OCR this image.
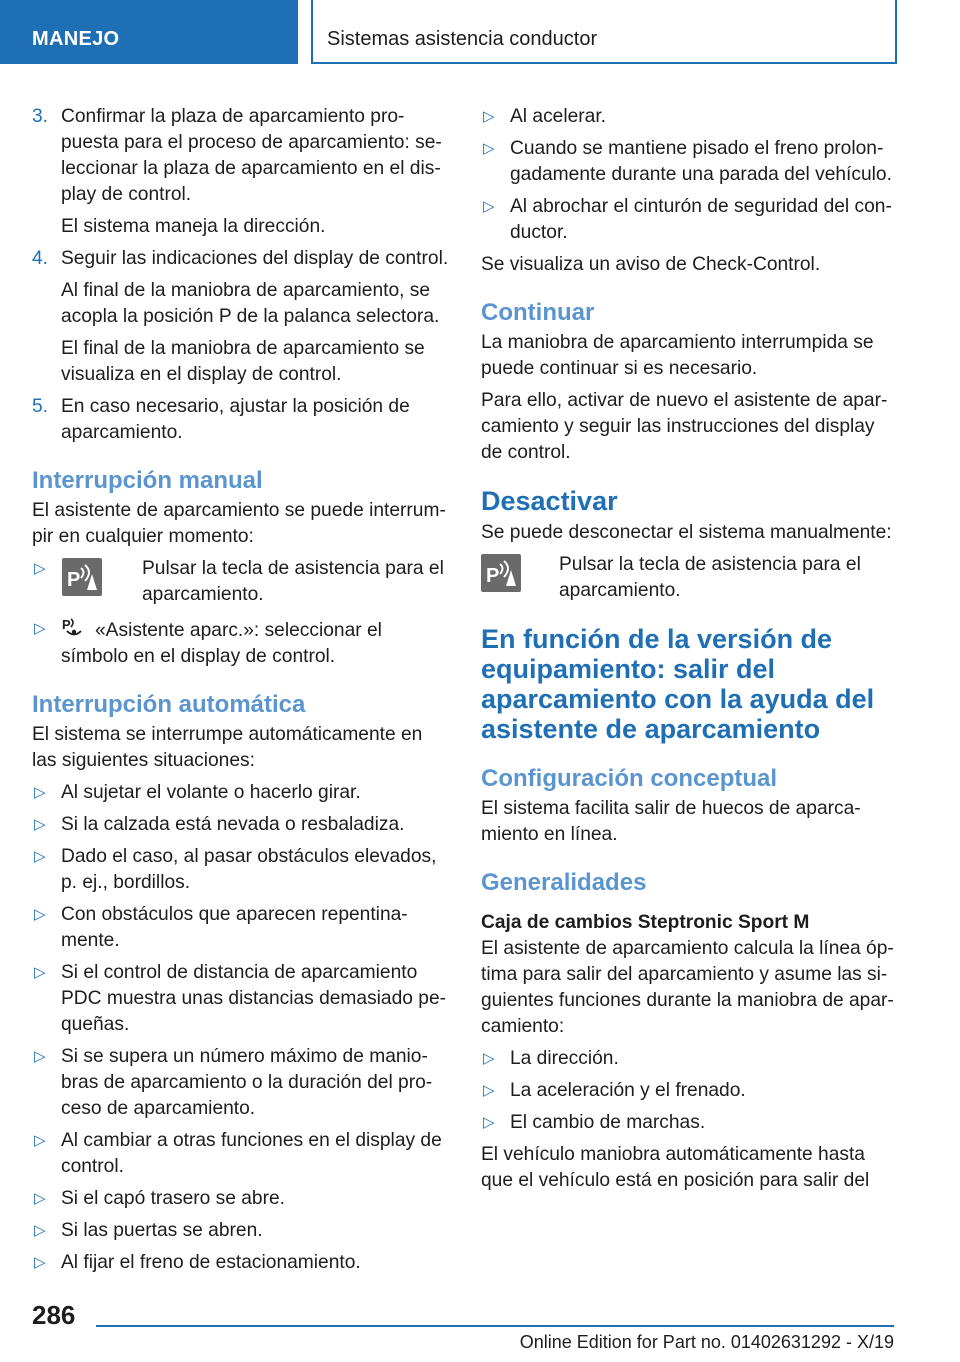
MANEJO	Sistemas asistencia conductor
3. Confirmar la plaza de aparcamiento propuesta para el proceso de aparcamiento: seleccionar la plaza de aparcamiento en el display de control.

El sistema maneja la dirección.

4. Seguir las indicaciones del display de control.

Al final de la maniobra de aparcamiento, se acopla la posición P de la palanca selectora.

El final de la maniobra de aparcamiento se visualiza en el display de control.

5. En caso necesario, ajustar la posición de aparcamiento.

Interrupción manual

El asistente de aparcamiento se puede interrumpir en cualquier momento:

▷
P

Pulsar la tecla de asistencia para el aparcamiento.

▷ P «Asistente aparc.»: seleccionar el símbolo en el display de control.
Interrupción automática

El sistema se interrumpe automáticamente en las siguientes situaciones:

▷ Al sujetar el volante o hacerlo girar.
▷ Si la calzada está nevada o resbaladiza.
▷ Dado el caso, al pasar obstáculos elevados, p. ej., bordillos.
▷ Con obstáculos que aparecen repentinamente.
▷ Si el control de distancia de aparcamiento PDC muestra unas distancias demasiado pequeñas.
▷ Si se supera un número máximo de maniobras de aparcamiento o la duración del proceso de aparcamiento.
▷ Al cambiar a otras funciones en el display de control.
▷ Si el capó trasero se abre.
▷ Si las puertas se abren.
▷ Al fijar el freno de estacionamiento.
▷ Al acelerar.
▷ Cuando se mantiene pisado el freno prolongadamente durante una parada del vehículo.
▷ Al abrochar el cinturón de seguridad del conductor.

Se visualiza un aviso de Check-Control.

Continuar

La maniobra de aparcamiento interrumpida se puede continuar si es necesario.

Para ello, activar de nuevo el asistente de aparcamiento y seguir las instrucciones del display de control.

Desactivar

Se puede desconectar el sistema manualmente:

P

Pulsar la tecla de asistencia para el aparcamiento.

En función de la versión de equipamiento: salir del aparcamiento con la ayuda del asistente de aparcamiento
Configuración conceptual

El sistema facilita salir de huecos de aparcamiento en línea.

Generalidades
Caja de cambios Steptronic Sport M

El asistente de aparcamiento calcula la línea óptima para salir del aparcamiento y asume las siguientes funciones durante la maniobra de aparcamiento:

▷ La dirección.
▷ La aceleración y el frenado.
▷ El cambio de marchas.

El vehículo maniobra automáticamente hasta que el vehículo está en posición para salir del

286
Online Edition for Part no. 01402631292 - X/19
